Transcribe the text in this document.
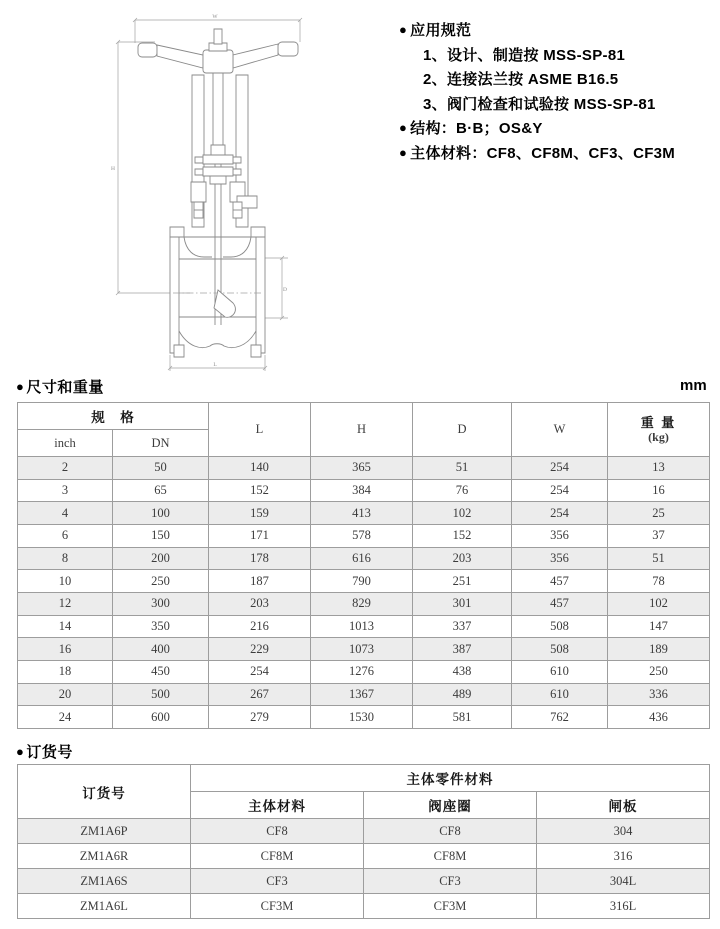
W
H
D
L
● 应用规范
1、设计、制造按 MSS-SP-81
2、连接法兰按 ASME B16.5
3、阀门检查和试验按 MSS-SP-81
● 结构：B·B；OS&Y
● 主体材料：CF8、CF8M、CF3、CF3M
● 尺寸和重量	mm
规　格		L	H	D	W	重 量
(kg)

inch	DN					
2	50	140	365	51	254	13
3	65	152	384	76	254	16
4	100	159	413	102	254	25
6	150	171	578	152	356	37
8	200	178	616	203	356	51
10	250	187	790	251	457	78
12	300	203	829	301	457	102
14	350	216	1013	337	508	147
16	400	229	1073	387	508	189
18	450	254	1276	438	610	250
20	500	267	1367	489	610	336
24	600	279	1530	581	762	436
● 订货号
订货号	主体零件材料		
	主体材料	阀座圈	闸板
ZM1A6P	CF8	CF8	304
ZM1A6R	CF8M	CF8M	316
ZM1A6S	CF3	CF3	304L
ZM1A6L	CF3M	CF3M	316L
